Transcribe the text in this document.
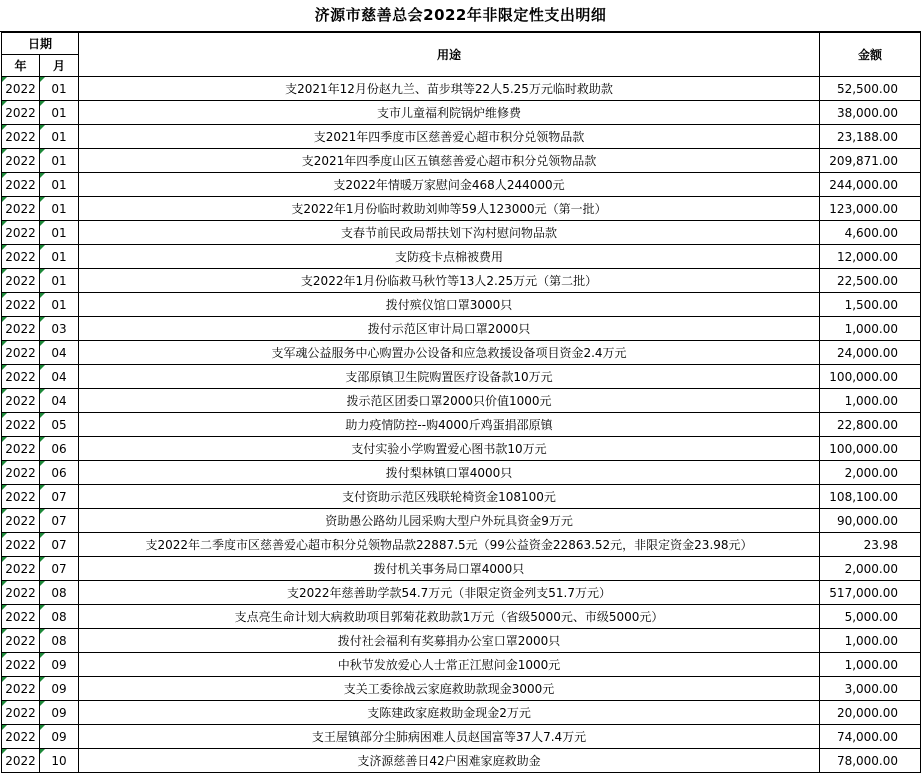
济源市慈善总会2022年非限定性支出明细
日期		用途	金额
年	月		
2022	01	支2021年12月份赵九兰、苗步琪等22人5.25万元临时救助款	52,500.00
2022	01	支市儿童福利院锅炉维修费	38,000.00
2022	01	支2021年四季度市区慈善爱心超市积分兑领物品款	23,188.00
2022	01	支2021年四季度山区五镇慈善爱心超市积分兑领物品款	209,871.00
2022	01	支2022年情暖万家慰问金468人244000元	244,000.00
2022	01	支2022年1月份临时救助刘帅等59人123000元（第一批）	123,000.00
2022	01	支春节前民政局帮扶划下沟村慰问物品款	4,600.00
2022	01	支防疫卡点棉被费用	12,000.00
2022	01	支2022年1月份临救马秋竹等13人2.25万元（第二批）	22,500.00
2022	01	拨付殡仪馆口罩3000只	1,500.00
2022	03	拨付示范区审计局口罩2000只	1,000.00
2022	04	支军魂公益服务中心购置办公设备和应急救援设备项目资金2.4万元	24,000.00
2022	04	支邵原镇卫生院购置医疗设备款10万元	100,000.00
2022	04	拨示范区团委口罩2000只价值1000元	1,000.00
2022	05	助力疫情防控--购4000斤鸡蛋捐邵原镇	22,800.00
2022	06	支付实验小学购置爱心图书款10万元	100,000.00
2022	06	拨付梨林镇口罩4000只	2,000.00
2022	07	支付资助示范区残联轮椅资金108100元	108,100.00
2022	07	资助愚公路幼儿园采购大型户外玩具资金9万元	90,000.00
2022	07	支2022年二季度市区慈善爱心超市积分兑领物品款22887.5元（99公益资金22863.52元，非限定资金23.98元）	23.98
2022	07	拨付机关事务局口罩4000只	2,000.00
2022	08	支2022年慈善助学款54.7万元（非限定资金列支51.7万元）	517,000.00
2022	08	支点亮生命计划大病救助项目郭菊花救助款1万元（省级5000元、市级5000元）	5,000.00
2022	08	拨付社会福利有奖募捐办公室口罩2000只	1,000.00
2022	09	中秋节发放爱心人士常正江慰问金1000元	1,000.00
2022	09	支关工委徐战云家庭救助款现金3000元	3,000.00
2022	09	支陈建政家庭救助金现金2万元	20,000.00
2022	09	支王屋镇部分尘肺病困难人员赵国富等37人7.4万元	74,000.00
2022	10	支济源慈善日42户困难家庭救助金	78,000.00
